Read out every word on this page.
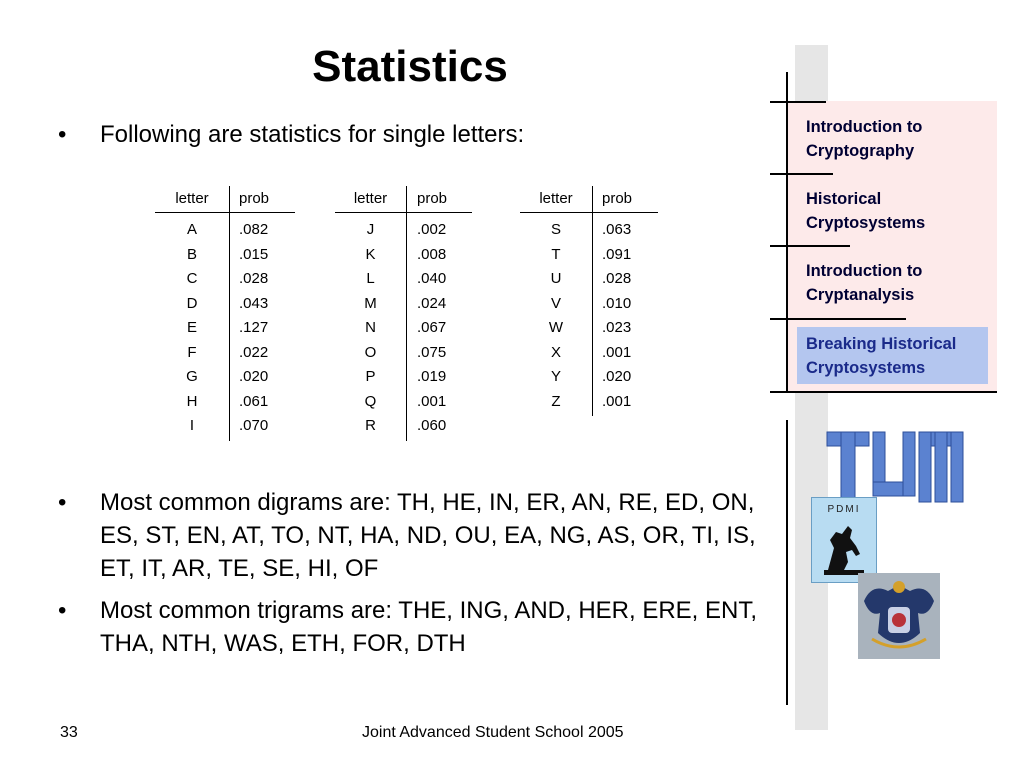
Statistics
• Following are statistics for single letters:
letter	prob
A	.082
B	.015
C	.028
D	.043
E	.127
F	.022
G	.020
H	.061
I	.070
letter	prob
J	.002
K	.008
L	.040
M	.024
N	.067
O	.075
P	.019
Q	.001
R	.060
letter	prob
S	.063
T	.091
U	.028
V	.010
W	.023
X	.001
Y	.020
Z	.001
• Most common digrams are: TH, HE, IN, ER, AN, RE, ED, ON, ES, ST, EN, AT, TO, NT, HA, ND, OU, EA, NG, AS, OR, TI, IS, ET, IT, AR, TE, SE, HI, OF
• Most common trigrams are: THE, ING, AND, HER, ERE, ENT, THA, NTH, WAS, ETH, FOR, DTH
Introduction to
Cryptography
Historical
Cryptosystems
Introduction to
Cryptanalysis
Breaking Historical
Cryptosystems
PDMI
33	Joint Advanced Student School 2005
